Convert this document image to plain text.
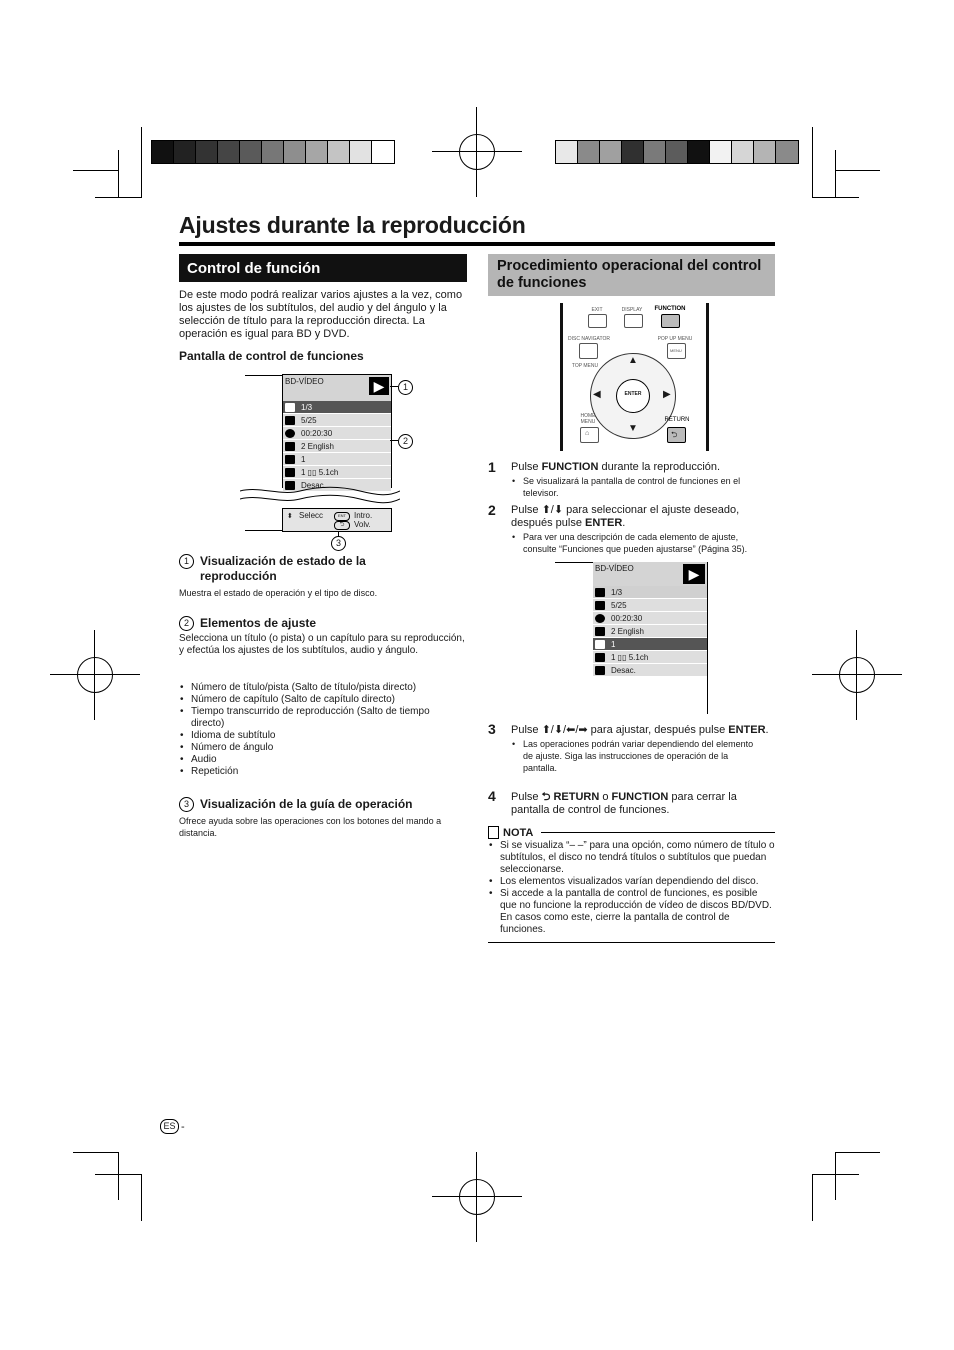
Ajustes durante la reproducción
Control de función
De este modo podrá realizar varios ajustes a la vez, como los ajustes de los subtítulos, del audio y del ángulo y la selección de título para la reproducción directa. La operación es igual para BD y DVD.
Pantalla de control de funciones
BD-VÍDEO	▶
1/3
5/25
00:20:30
2 English
1
1 ▯▯ 5.1ch
Desac.
⬍ Selecc	ENT	Intro.
⮌	Volv.
1
2
3
1 Visualización de estado de la reproducción
Muestra el estado de operación y el tipo de disco.
2 Elementos de ajuste
Selecciona un título (o pista) o un capítulo para su reproducción, y efectúa los ajustes de los subtítulos, audio y ángulo.
• Número de título/pista (Salto de título/pista directo)
• Número de capítulo (Salto de capítulo directo)
• Tiempo transcurrido de reproducción (Salto de tiempo directo)
• Idioma de subtítulo
• Número de ángulo
• Audio
• Repetición
3 Visualización de la guía de operación
Ofrece ayuda sobre las operaciones con los botones del mando a distancia.
Procedimiento operacional del control de funciones
EXIT	DISPLAY	FUNCTION
DISC NAVIGATOR	POP UP MENU
TOP MENU
MENU
▲
▼
◀	▶
ENTER
HOME MENU
⌂
RETURN
⮌
1 Pulse FUNCTION durante la reproducción.
• Se visualizará la pantalla de control de funciones en el televisor.
2 Pulse ⬆/⬇ para seleccionar el ajuste deseado, después pulse ENTER.
• Para ver una descripción de cada elemento de ajuste, consulte “Funciones que pueden ajustarse” (Página 35).
BD-VÍDEO	▶
1/3
5/25
00:20:30
2 English
1
1 ▯▯ 5.1ch
Desac.
3 Pulse ⬆/⬇/⬅/➡ para ajustar, después pulse ENTER.
• Las operaciones podrán variar dependiendo del elemento de ajuste. Siga las instrucciones de operación de la pantalla.
4 Pulse ⮌ RETURN o FUNCTION para cerrar la pantalla de control de funciones.
NOTA
• Si se visualiza “– –” para una opción, como número de título o subtítulos, el disco no tendrá títulos o subtítulos que puedan seleccionarse.
• Los elementos visualizados varían dependiendo del disco.
• Si accede a la pantalla de control de funciones, es posible que no funcione la reproducción de vídeo de discos BD/DVD. En casos como este, cierre la pantalla de control de funciones.
ES -
